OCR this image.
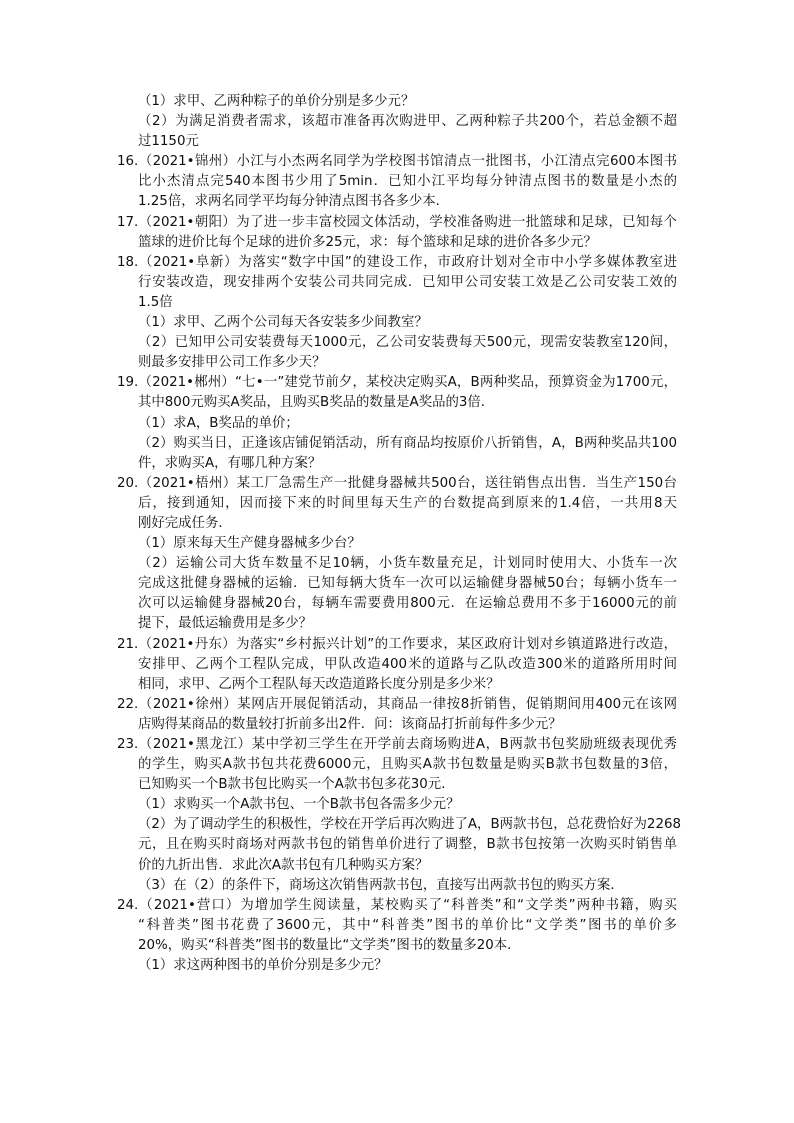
（1）求甲、乙两种粽子的单价分别是多少元？
（2）为满足消费者需求，该超市准备再次购进甲、乙两种粽子共200个，若总金额不超
过1150元
16.（2021•锦州）小江与小杰两名同学为学校图书馆清点一批图书，小江清点完600本图书
比小杰清点完540本图书少用了5min．已知小江平均每分钟清点图书的数量是小杰的
1.25倍，求两名同学平均每分钟清点图书各多少本．
17.（2021•朝阳）为了进一步丰富校园文体活动，学校准备购进一批篮球和足球，已知每个
篮球的进价比每个足球的进价多25元，求：每个篮球和足球的进价各多少元？
18.（2021•阜新）为落实“数字中国”的建设工作，市政府计划对全市中小学多媒体教室进
行安装改造，现安排两个安装公司共同完成．已知甲公司安装工效是乙公司安装工效的
1.5倍
（1）求甲、乙两个公司每天各安装多少间教室？
（2）已知甲公司安装费每天1000元，乙公司安装费每天500元，现需安装教室120间，
则最多安排甲公司工作多少天？
19.（2021•郴州）“七•一”建党节前夕，某校决定购买A，B两种奖品，预算资金为1700元，
其中800元购买A奖品，且购买B奖品的数量是A奖品的3倍．
（1）求A，B奖品的单价；
（2）购买当日，正逢该店铺促销活动，所有商品均按原价八折销售，A，B两种奖品共100
件，求购买A，有哪几种方案？
20.（2021•梧州）某工厂急需生产一批健身器械共500台，送往销售点出售．当生产150台
后，接到通知，因而接下来的时间里每天生产的台数提高到原来的1.4倍，一共用8天
刚好完成任务．
（1）原来每天生产健身器械多少台？
（2）运输公司大货车数量不足10辆，小货车数量充足，计划同时使用大、小货车一次
完成这批健身器械的运输．已知每辆大货车一次可以运输健身器械50台；每辆小货车一
次可以运输健身器械20台，每辆车需要费用800元．在运输总费用不多于16000元的前
提下，最低运输费用是多少？
21.（2021•丹东）为落实“乡村振兴计划”的工作要求，某区政府计划对乡镇道路进行改造，
安排甲、乙两个工程队完成，甲队改造400米的道路与乙队改造300米的道路所用时间
相同，求甲、乙两个工程队每天改造道路长度分别是多少米？
22.（2021•徐州）某网店开展促销活动，其商品一律按8折销售，促销期间用400元在该网
店购得某商品的数量较打折前多出2件．问：该商品打折前每件多少元？
23.（2021•黑龙江）某中学初三学生在开学前去商场购进A，B两款书包奖励班级表现优秀
的学生，购买A款书包共花费6000元，且购买A款书包数量是购买B款书包数量的3倍，
已知购买一个B款书包比购买一个A款书包多花30元．
（1）求购买一个A款书包、一个B款书包各需多少元？
（2）为了调动学生的积极性，学校在开学后再次购进了A，B两款书包，总花费恰好为2268
元，且在购买时商场对两款书包的销售单价进行了调整，B款书包按第一次购买时销售单
价的九折出售．求此次A款书包有几种购买方案？
（3）在（2）的条件下，商场这次销售两款书包，直接写出两款书包的购买方案．
24.（2021•营口）为增加学生阅读量，某校购买了“科普类”和“文学类”两种书籍，购买
“科普类”图书花费了3600元，其中“科普类”图书的单价比“文学类”图书的单价多
20%，购买“科普类”图书的数量比“文学类”图书的数量多20本．
（1）求这两种图书的单价分别是多少元？
